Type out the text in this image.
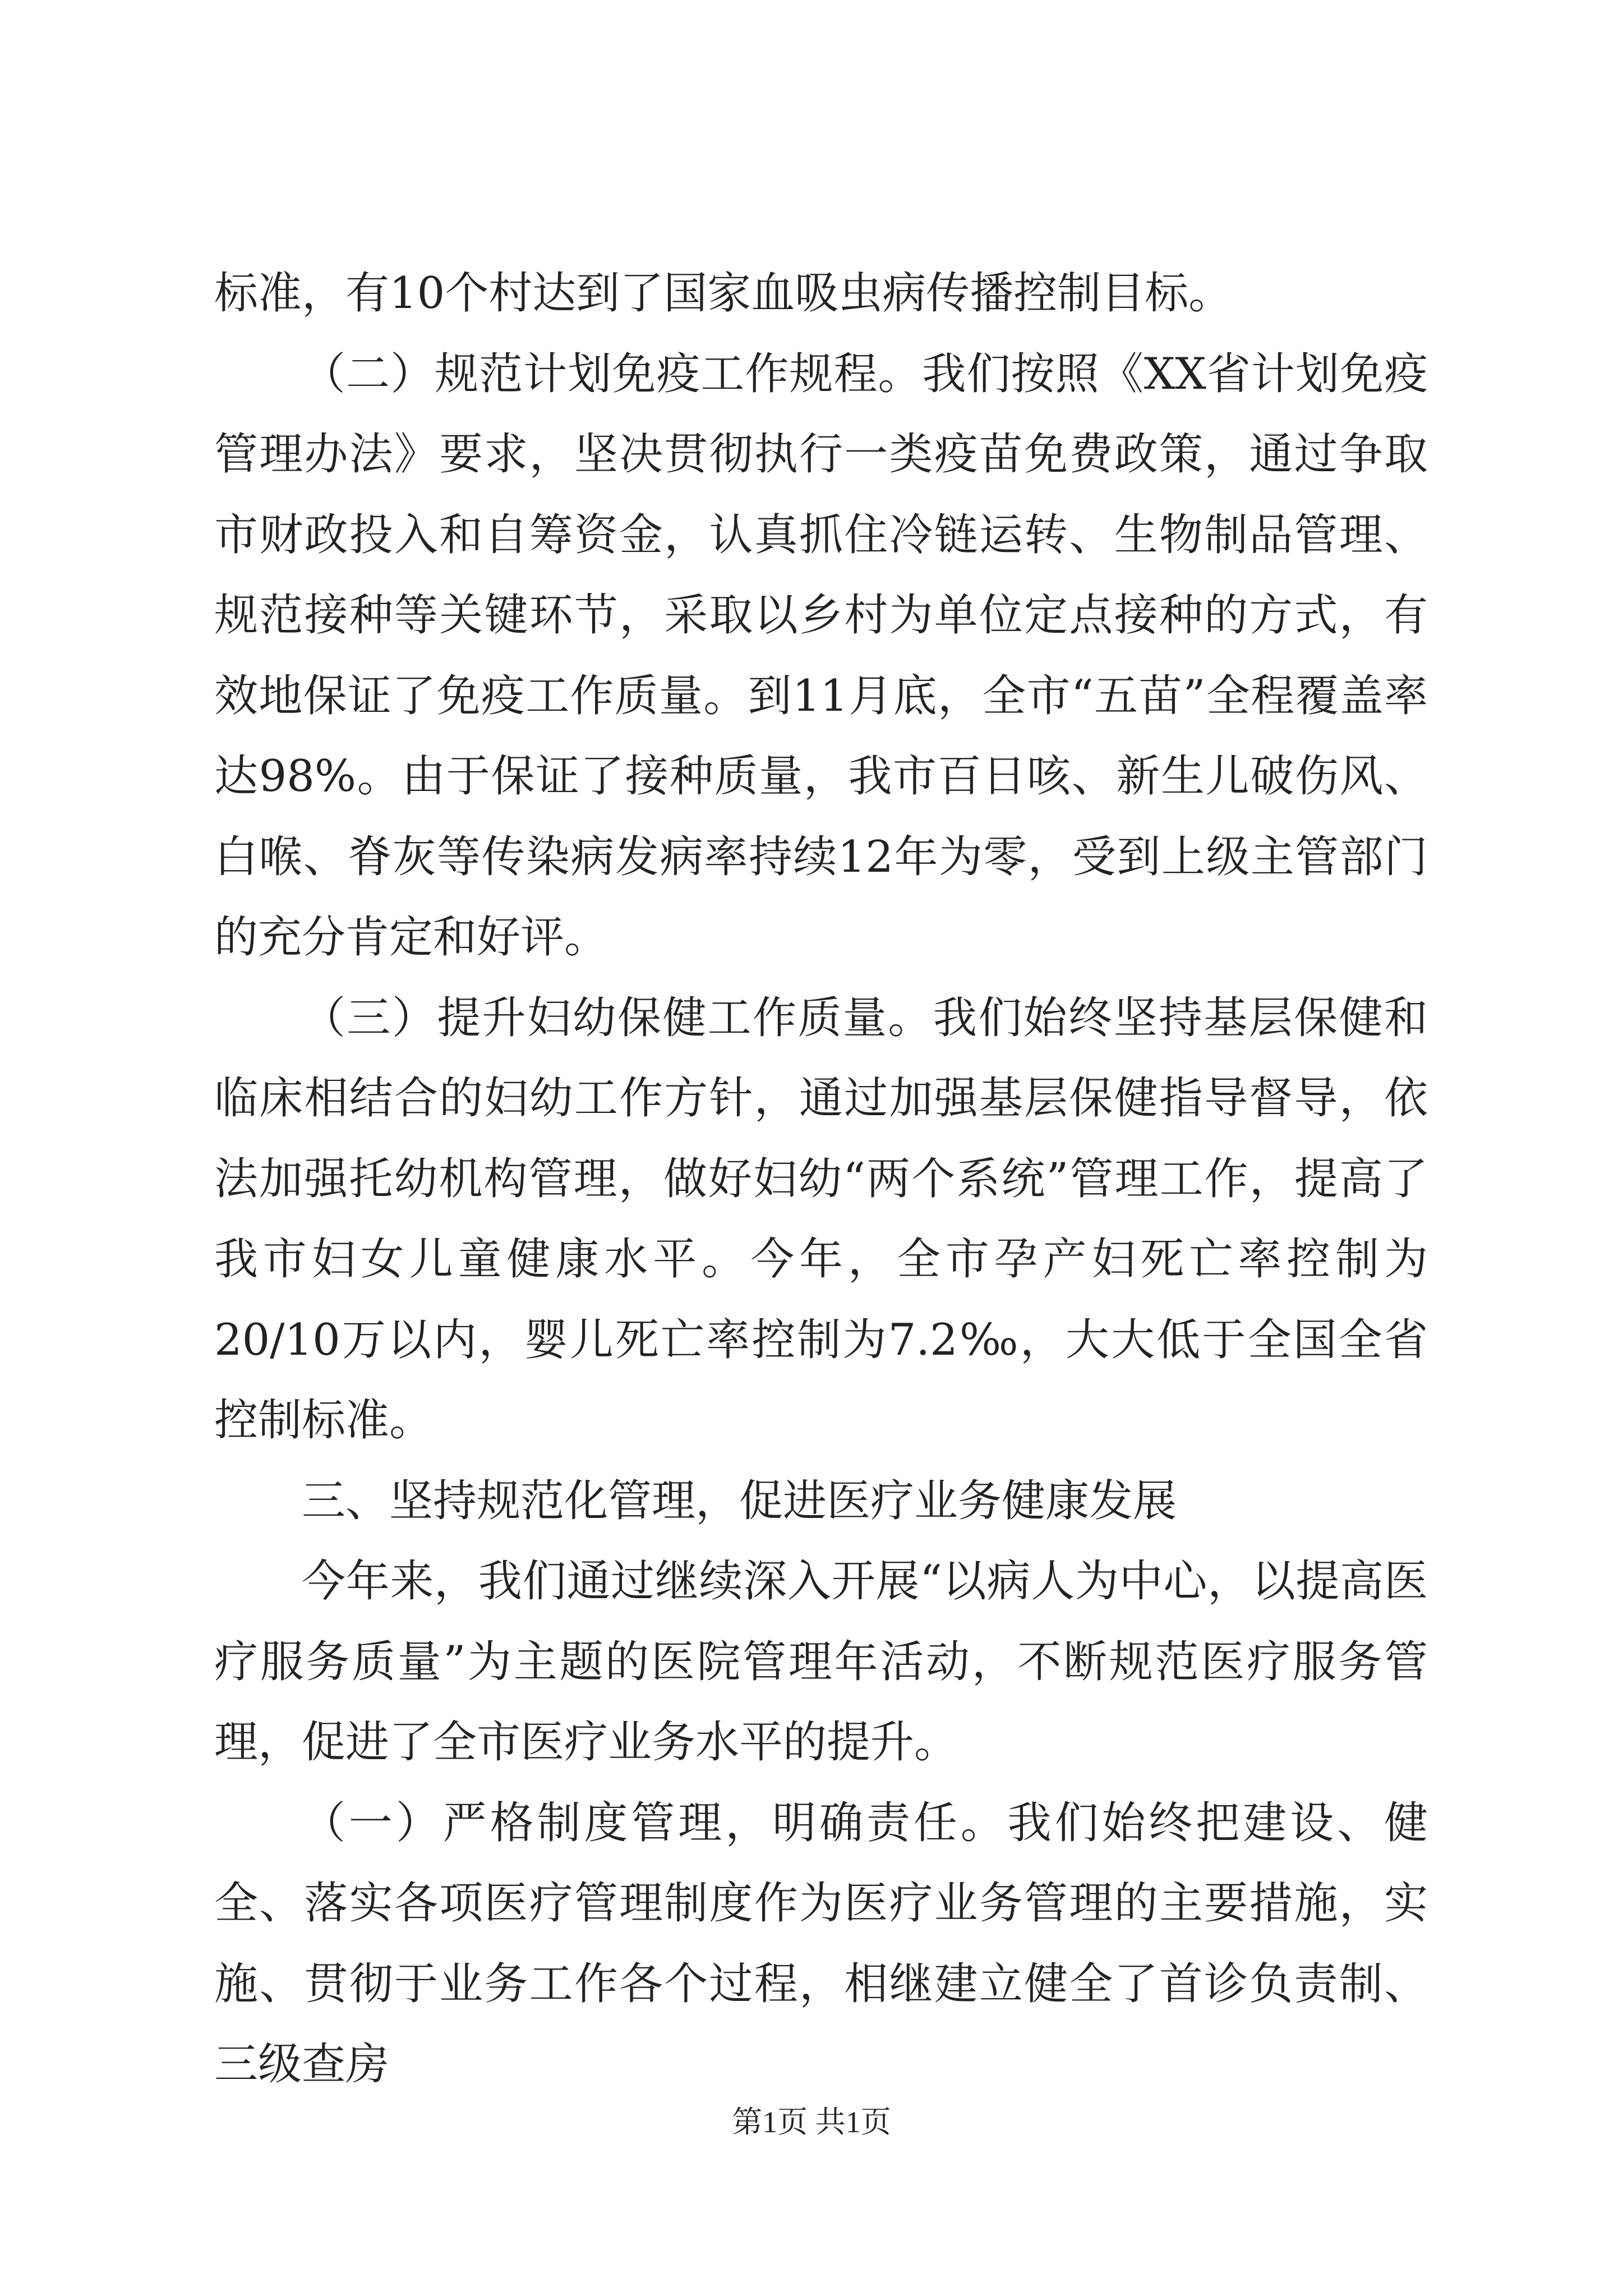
标准，有10个村达到了国家血吸虫病传播控制目标。

（二）规范计划免疫工作规程。我们按照《XX省计划免疫管理办法》要求，坚决贯彻执行一类疫苗免费政策，通过争取市财政投入和自筹资金，认真抓住冷链运转、生物制品管理、规范接种等关键环节，采取以乡村为单位定点接种的方式，有效地保证了免疫工作质量。到11月底，全市“五苗”全程覆盖率达98%。由于保证了接种质量，我市百日咳、新生儿破伤风、白喉、脊灰等传染病发病率持续12年为零，受到上级主管部门的充分肯定和好评。

（三）提升妇幼保健工作质量。我们始终坚持基层保健和临床相结合的妇幼工作方针，通过加强基层保健指导督导，依法加强托幼机构管理，做好妇幼“两个系统”管理工作，提高了我市妇女儿童健康水平。今年，全市孕产妇死亡率控制为20/10万以内，婴儿死亡率控制为7.2‰，大大低于全国全省控制标准。

三、坚持规范化管理，促进医疗业务健康发展

今年来，我们通过继续深入开展“以病人为中心，以提高医疗服务质量”为主题的医院管理年活动，不断规范医疗服务管理，促进了全市医疗业务水平的提升。

（一）严格制度管理，明确责任。我们始终把建设、健全、落实各项医疗管理制度作为医疗业务管理的主要措施，实施、贯彻于业务工作各个过程，相继建立健全了首诊负责制、三级查房

第1页 共1页
